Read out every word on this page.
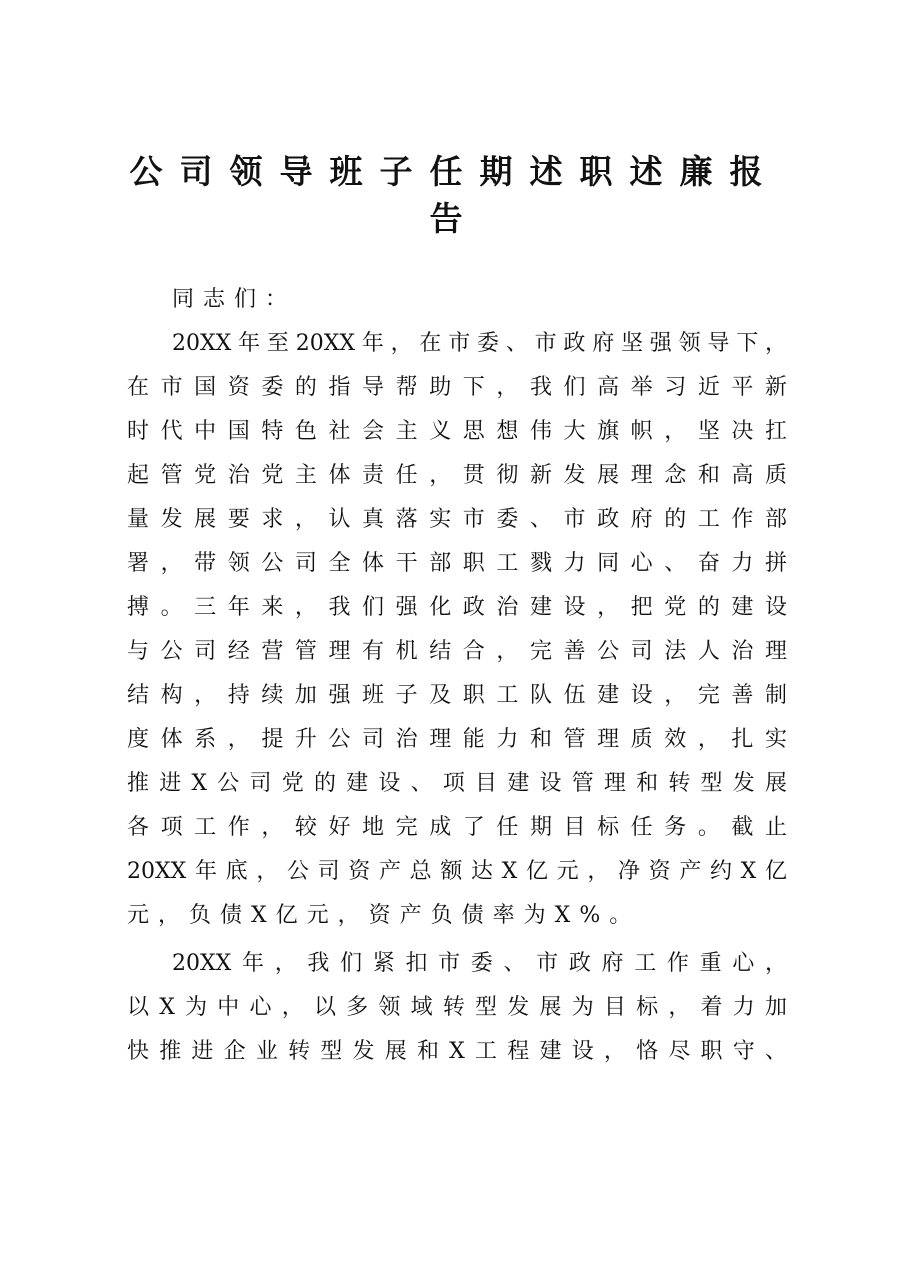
公司领导班子任期述职述廉报
告
同志们：
20XX年至20XX年，在市委、市政府坚强领导下，
在市国资委的指导帮助下，我们高举习近平新
时代中国特色社会主义思想伟大旗帜，坚决扛
起管党治党主体责任，贯彻新发展理念和高质
量发展要求，认真落实市委、市政府的工作部
署，带领公司全体干部职工戮力同心、奋力拼
搏。三年来，我们强化政治建设，把党的建设
与公司经营管理有机结合，完善公司法人治理
结构，持续加强班子及职工队伍建设，完善制
度体系，提升公司治理能力和管理质效，扎实
推进X公司党的建设、项目建设管理和转型发展
各项工作，较好地完成了任期目标任务。截止
20XX年底，公司资产总额达X亿元，净资产约X亿
元，负债X亿元，资产负债率为X%。
20XX年，我们紧扣市委、市政府工作重心，
以X为中心，以多领域转型发展为目标，着力加
快推进企业转型发展和X工程建设，恪尽职守、
